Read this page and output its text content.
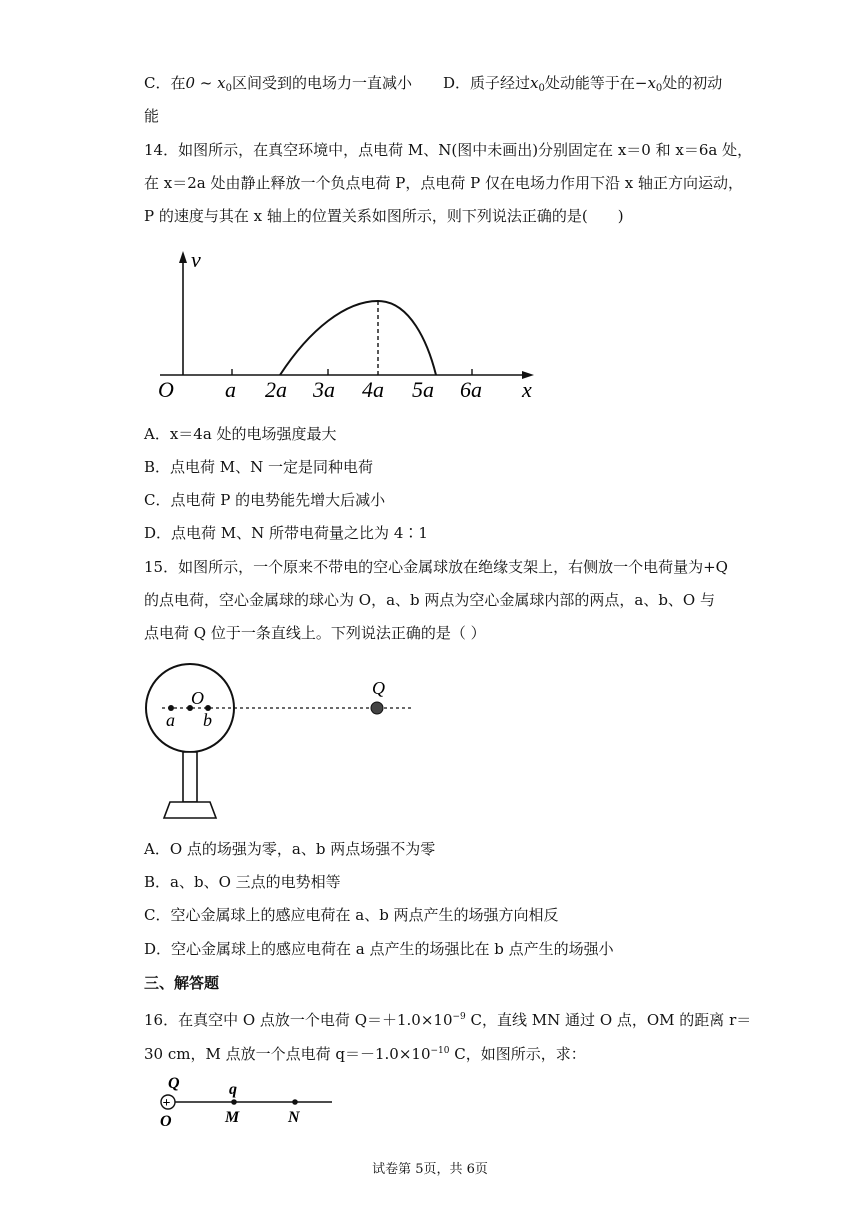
C．在0 ~ $x_0$区间受到的电场力一直减小 D．质子经过$x_0$处动能等于在$-x_0$处的初动
能
14．如图所示，在真空环境中，点电荷 M、N(图中未画出)分别固定在 x＝0 和 x＝6a 处，
在 x＝2a 处由静止释放一个负点电荷 P，点电荷 P 仅在电场力作用下沿 x 轴正方向运动，
P 的速度与其在 x 轴上的位置关系如图所示，则下列说法正确的是(　　)
v
x
O a 2a 3a 4a 5a 6a
A．x＝4a 处的电场强度最大
B．点电荷 M、N 一定是同种电荷
C．点电荷 P 的电势能先增大后减小
D．点电荷 M、N 所带电荷量之比为 4∶1
15．如图所示，一个原来不带电的空心金属球放在绝缘支架上，右侧放一个电荷量为+Q
的点电荷，空心金属球的球心为 O，a、b 两点为空心金属球内部的两点，a、b、O 与
点电荷 Q 位于一条直线上。下列说法正确的是（ ）
a
O
b
Q
A．O 点的场强为零，a、b 两点场强不为零
B．a、b、O 三点的电势相等
C．空心金属球上的感应电荷在 a、b 两点产生的场强方向相反
D．空心金属球上的感应电荷在 a 点产生的场强比在 b 点产生的场强小
三、解答题
16．在真空中 O 点放一个电荷 $Q=+1.0\times 10^{-9}$ C，直线 MN 通过 O 点，OM 的距离 r＝
30 cm，M 点放一个点电荷 $q=-1.0\times 10^{-10}$ C，如图所示，求：
+
Q
O
q
M	N
试卷第 5页，共 6页
